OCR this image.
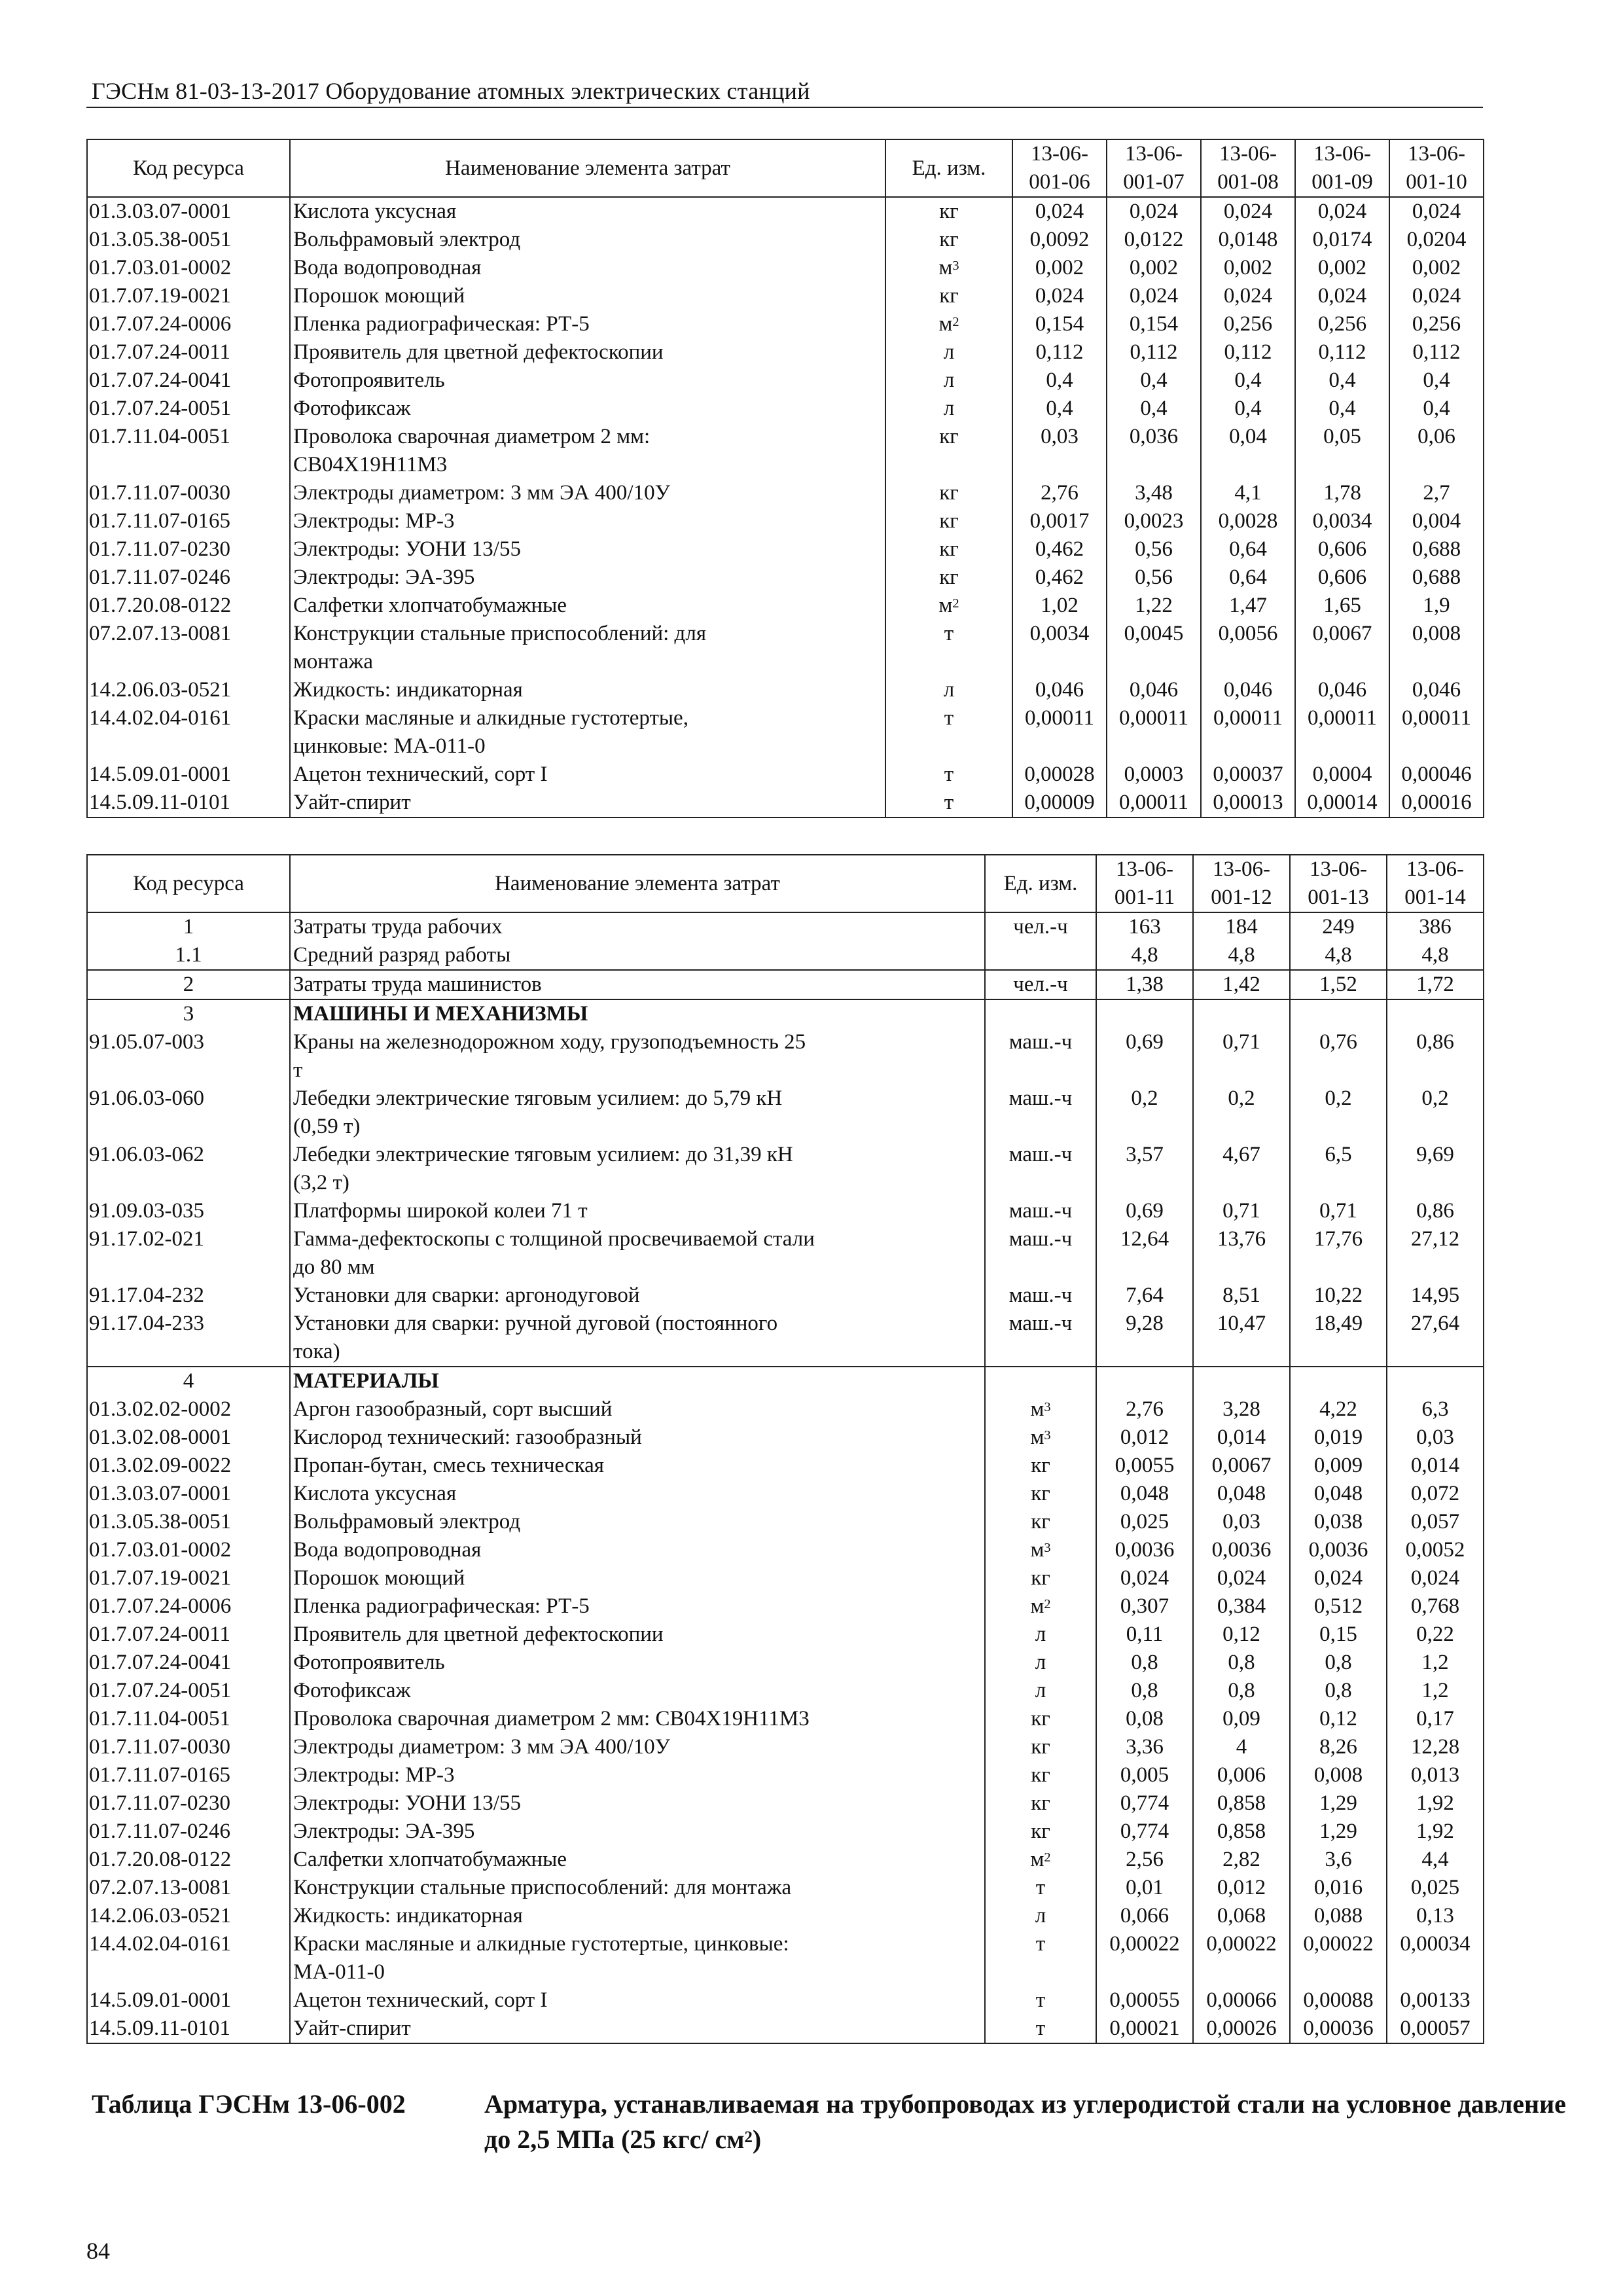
ГЭСНм 81-03-13-2017 Оборудование атомных электрических станций
Код ресурса	Наименование элемента затрат	Ед. изм.	13-06-001-06	13-06-001-07	13-06-001-08	13-06-001-09	13-06-001-10
01.3.03.07-0001	Кислота уксусная	кг	0,024	0,024	0,024	0,024	0,024
01.3.05.38-0051	Вольфрамовый электрод	кг	0,0092	0,0122	0,0148	0,0174	0,0204
01.7.03.01-0002	Вода водопроводная	$м^3$	0,002	0,002	0,002	0,002	0,002
01.7.07.19-0021	Порошок моющий	кг	0,024	0,024	0,024	0,024	0,024
01.7.07.24-0006	Пленка радиографическая: РТ-5	$м^2$	0,154	0,154	0,256	0,256	0,256
01.7.07.24-0011	Проявитель для цветной дефектоскопии	л	0,112	0,112	0,112	0,112	0,112
01.7.07.24-0041	Фотопроявитель	л	0,4	0,4	0,4	0,4	0,4
01.7.07.24-0051	Фотофиксаж	л	0,4	0,4	0,4	0,4	0,4
01.7.11.04-0051	Проволока сварочная диаметром 2 мм:
СВ04Х19Н11М3	кг	0,03	0,036	0,04	0,05	0,06
01.7.11.07-0030	Электроды диаметром: 3 мм ЭА 400/10У	кг	2,76	3,48	4,1	1,78	2,7
01.7.11.07-0165	Электроды: МР-3	кг	0,0017	0,0023	0,0028	0,0034	0,004
01.7.11.07-0230	Электроды: УОНИ 13/55	кг	0,462	0,56	0,64	0,606	0,688
01.7.11.07-0246	Электроды: ЭА-395	кг	0,462	0,56	0,64	0,606	0,688
01.7.20.08-0122	Салфетки хлопчатобумажные	$м^2$	1,02	1,22	1,47	1,65	1,9
07.2.07.13-0081	Конструкции стальные приспособлений: для
монтажа	т	0,0034	0,0045	0,0056	0,0067	0,008
14.2.06.03-0521	Жидкость: индикаторная	л	0,046	0,046	0,046	0,046	0,046
14.4.02.04-0161	Краски масляные и алкидные густотертые,
цинковые: МА-011-0	т	0,00011	0,00011	0,00011	0,00011	0,00011
14.5.09.01-0001	Ацетон технический, сорт I	т	0,00028	0,0003	0,00037	0,0004	0,00046
14.5.09.11-0101	Уайт-спирит	т	0,00009	0,00011	0,00013	0,00014	0,00016
Код ресурса	Наименование элемента затрат	Ед. изм.	13-06-001-11	13-06-001-12	13-06-001-13	13-06-001-14
1	Затраты труда рабочих	чел.-ч	163	184	249	386
1.1	Средний разряд работы		4,8	4,8	4,8	4,8
2	Затраты труда машинистов	чел.-ч	1,38	1,42	1,52	1,72
3	МАШИНЫ И МЕХАНИЗМЫ					
91.05.07-003	Краны на железнодорожном ходу, грузоподъемность 25
т	маш.-ч	0,69	0,71	0,76	0,86
91.06.03-060	Лебедки электрические тяговым усилием: до 5,79 кН
(0,59 т)	маш.-ч	0,2	0,2	0,2	0,2
91.06.03-062	Лебедки электрические тяговым усилием: до 31,39 кН
(3,2 т)	маш.-ч	3,57	4,67	6,5	9,69
91.09.03-035	Платформы широкой колеи 71 т	маш.-ч	0,69	0,71	0,71	0,86
91.17.02-021	Гамма-дефектоскопы с толщиной просвечиваемой стали
до 80 мм	маш.-ч	12,64	13,76	17,76	27,12
91.17.04-232	Установки для сварки: аргонодуговой	маш.-ч	7,64	8,51	10,22	14,95
91.17.04-233	Установки для сварки: ручной дуговой (постоянного
тока)	маш.-ч	9,28	10,47	18,49	27,64
4	МАТЕРИАЛЫ					
01.3.02.02-0002	Аргон газообразный, сорт высший	$м^3$	2,76	3,28	4,22	6,3
01.3.02.08-0001	Кислород технический: газообразный	$м^3$	0,012	0,014	0,019	0,03
01.3.02.09-0022	Пропан-бутан, смесь техническая	кг	0,0055	0,0067	0,009	0,014
01.3.03.07-0001	Кислота уксусная	кг	0,048	0,048	0,048	0,072
01.3.05.38-0051	Вольфрамовый электрод	кг	0,025	0,03	0,038	0,057
01.7.03.01-0002	Вода водопроводная	$м^3$	0,0036	0,0036	0,0036	0,0052
01.7.07.19-0021	Порошок моющий	кг	0,024	0,024	0,024	0,024
01.7.07.24-0006	Пленка радиографическая: РТ-5	$м^2$	0,307	0,384	0,512	0,768
01.7.07.24-0011	Проявитель для цветной дефектоскопии	л	0,11	0,12	0,15	0,22
01.7.07.24-0041	Фотопроявитель	л	0,8	0,8	0,8	1,2
01.7.07.24-0051	Фотофиксаж	л	0,8	0,8	0,8	1,2
01.7.11.04-0051	Проволока сварочная диаметром 2 мм: СВ04Х19Н11М3	кг	0,08	0,09	0,12	0,17
01.7.11.07-0030	Электроды диаметром: 3 мм ЭА 400/10У	кг	3,36	4	8,26	12,28
01.7.11.07-0165	Электроды: МР-3	кг	0,005	0,006	0,008	0,013
01.7.11.07-0230	Электроды: УОНИ 13/55	кг	0,774	0,858	1,29	1,92
01.7.11.07-0246	Электроды: ЭА-395	кг	0,774	0,858	1,29	1,92
01.7.20.08-0122	Салфетки хлопчатобумажные	$м^2$	2,56	2,82	3,6	4,4
07.2.07.13-0081	Конструкции стальные приспособлений: для монтажа	т	0,01	0,012	0,016	0,025
14.2.06.03-0521	Жидкость: индикаторная	л	0,066	0,068	0,088	0,13
14.4.02.04-0161	Краски масляные и алкидные густотертые, цинковые:
МА-011-0	т	0,00022	0,00022	0,00022	0,00034
14.5.09.01-0001	Ацетон технический, сорт I	т	0,00055	0,00066	0,00088	0,00133
14.5.09.11-0101	Уайт-спирит	т	0,00021	0,00026	0,00036	0,00057
Таблица ГЭСНм 13-06-002	Арматура, устанавливаемая на трубопроводах из углеродистой стали на условное давление до 2,5 МПа (25 кгс/ $см^2$)
84
